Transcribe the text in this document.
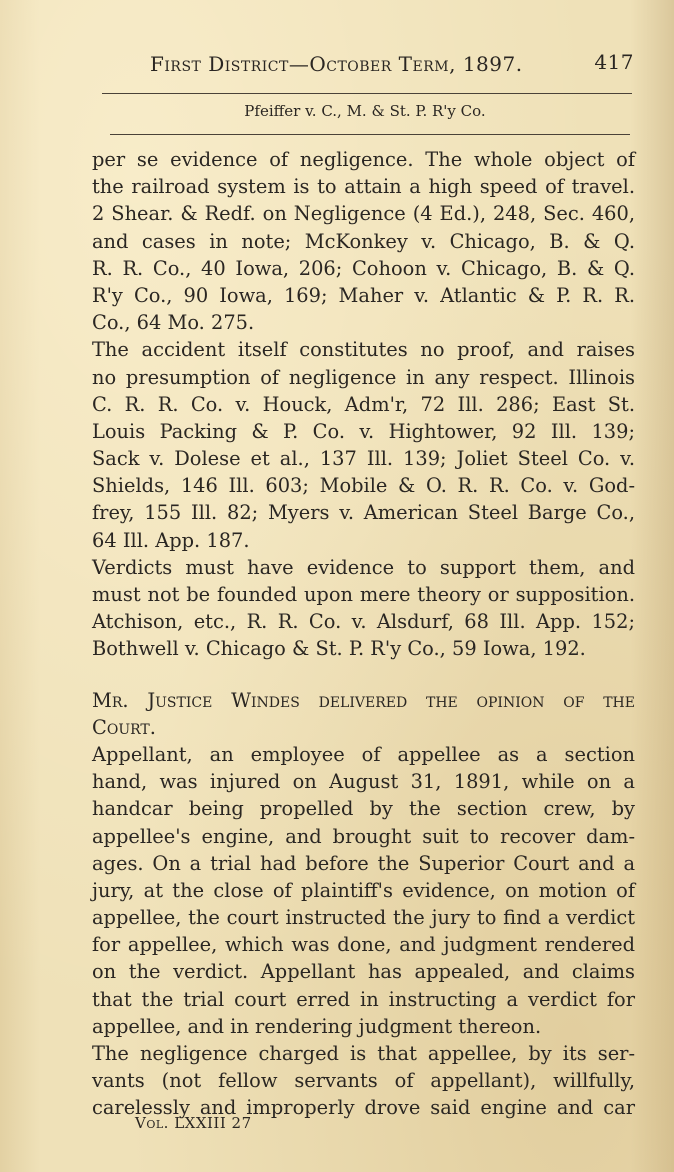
First District—October Term, 1897.	417
Pfeiffer v. C., M. & St. P. R'y Co.
per se evidence of negligence. The whole object of
the railroad system is to attain a high speed of travel.
2 Shear. & Redf. on Negligence (4 Ed.), 248, Sec. 460,
and cases in note; McKonkey v. Chicago, B. & Q.
R. R. Co., 40 Iowa, 206; Cohoon v. Chicago, B. & Q.
R'y Co., 90 Iowa, 169; Maher v. Atlantic & P. R. R.
Co., 64 Mo. 275.
The accident itself constitutes no proof, and raises
no presumption of negligence in any respect. Illinois
C. R. R. Co. v. Houck, Adm'r, 72 Ill. 286; East St.
Louis Packing & P. Co. v. Hightower, 92 Ill. 139;
Sack v. Dolese et al., 137 Ill. 139; Joliet Steel Co. v.
Shields, 146 Ill. 603; Mobile & O. R. R. Co. v. God-
frey, 155 Ill. 82; Myers v. American Steel Barge Co.,
64 Ill. App. 187.
Verdicts must have evidence to support them, and
must not be founded upon mere theory or supposition.
Atchison, etc., R. R. Co. v. Alsdurf, 68 Ill. App. 152;
Bothwell v. Chicago & St. P. R'y Co., 59 Iowa, 192.
Mr. Justice Windes delivered the opinion of the
Court.
Appellant, an employee of appellee as a section
hand, was injured on August 31, 1891, while on a
handcar being propelled by the section crew, by
appellee's engine, and brought suit to recover dam-
ages. On a trial had before the Superior Court and a
jury, at the close of plaintiff's evidence, on motion of
appellee, the court instructed the jury to find a verdict
for appellee, which was done, and judgment rendered
on the verdict. Appellant has appealed, and claims
that the trial court erred in instructing a verdict for
appellee, and in rendering judgment thereon.
The negligence charged is that appellee, by its ser-
vants (not fellow servants of appellant), willfully,
carelessly and improperly drove said engine and car
Vol. LXXIII 27
